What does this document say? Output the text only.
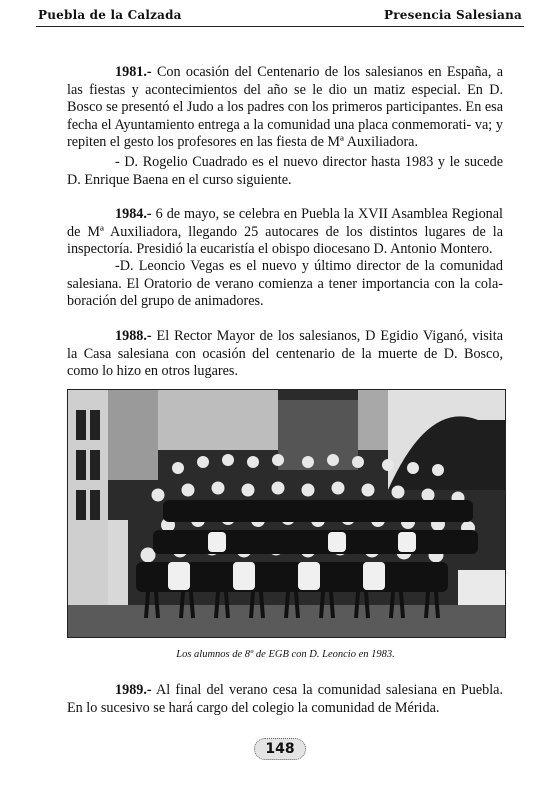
Puebla de la Calzada	Presencia Salesiana

1981.- Con ocasión del Centenario de los salesianos en España, a las fiestas y acontecimientos del año se le dio un matiz especial. En D. Bosco se presentó el Judo a los padres con los primeros participantes. En esa fecha el Ayuntamiento entrega a la comunidad una placa conmemorati- va; y repiten el gesto los profesores en las fiesta de Mª Auxiliadora.

- D. Rogelio Cuadrado es el nuevo director hasta 1983 y le sucede D. Enrique Baena en el curso siguiente.

1984.- 6 de mayo, se celebra en Puebla la XVII Asamblea Regional de Mª Auxiliadora, llegando 25 autocares de los distintos lugares de la inspectoría. Presidió la eucaristía el obispo diocesano D. Antonio Montero.

-D. Leoncio Vegas es el nuevo y último director de la comunidad salesiana. El Oratorio de verano comienza a tener importancia con la cola- boración del grupo de animadores.

1988.- El Rector Mayor de los salesianos, D Egidio Viganó, visita la Casa salesiana con ocasión del centenario de la muerte de D. Bosco, como lo hizo en otros lugares.

Los alumnos de 8º de EGB con D. Leoncio en 1983.

1989.- Al final del verano cesa la comunidad salesiana en Puebla. En lo sucesivo se hará cargo del colegio la comunidad de Mérida.

148
